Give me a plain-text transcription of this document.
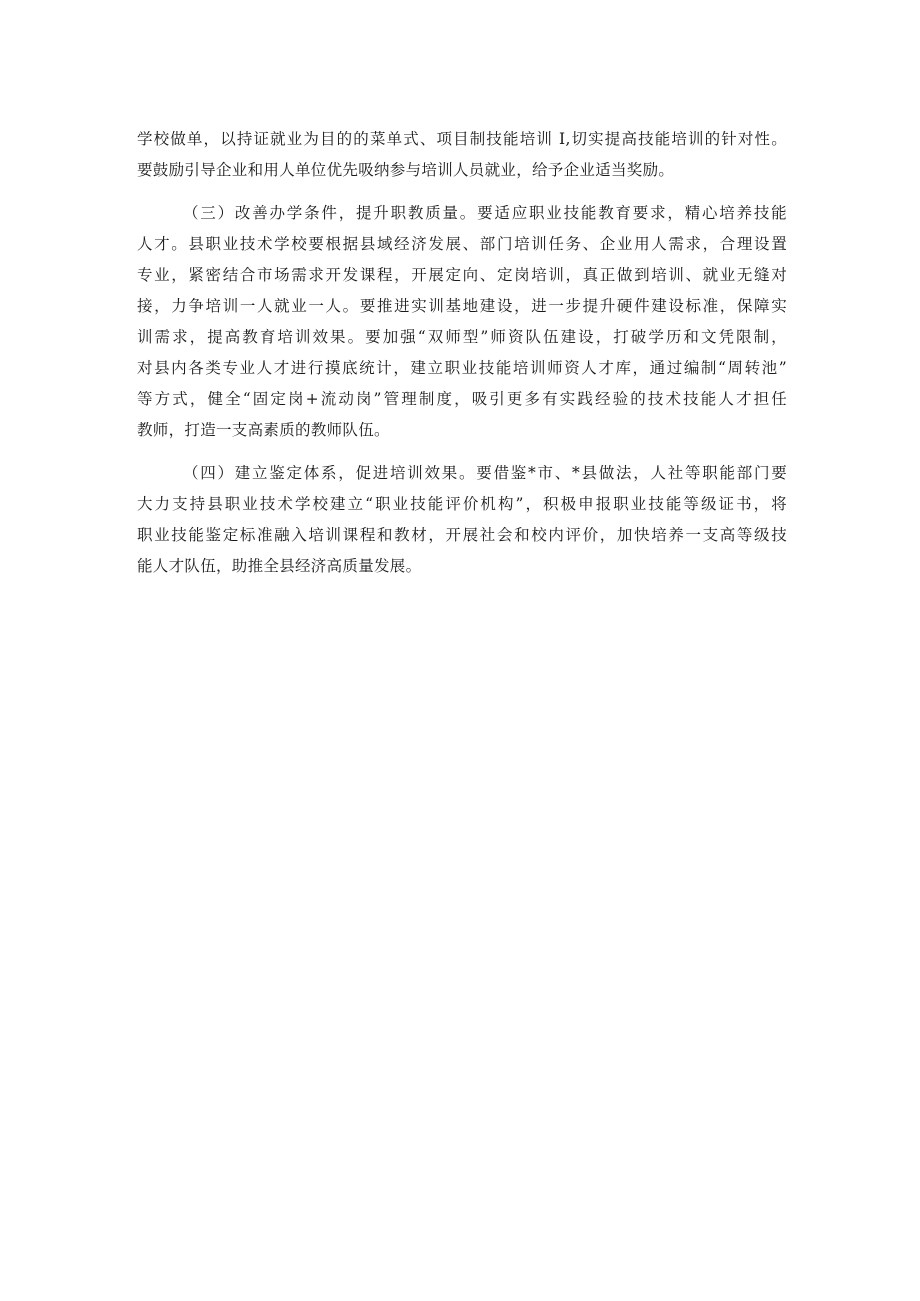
学校做单，以持证就业为目的的菜单式、项目制技能培训 I,切实提高技能培训的针对性。
要鼓励引导企业和用人单位优先吸纳参与培训人员就业，给予企业适当奖励。
（三）改善办学条件，提升职教质量。要适应职业技能教育要求，精心培养技能
人才。县职业技术学校要根据县域经济发展、部门培训任务、企业用人需求，合理设置
专业，紧密结合市场需求开发课程，开展定向、定岗培训，真正做到培训、就业无缝对
接，力争培训一人就业一人。要推进实训基地建设，进一步提升硬件建设标准，保障实
训需求，提高教育培训效果。要加强“双师型”师资队伍建设，打破学历和文凭限制，
对县内各类专业人才进行摸底统计，建立职业技能培训师资人才库，通过编制“周转池”
等方式，健全“固定岗+流动岗”管理制度，吸引更多有实践经验的技术技能人才担任
教师，打造一支高素质的教师队伍。
（四）建立鉴定体系，促进培训效果。要借鉴*市、*县做法，人社等职能部门要
大力支持县职业技术学校建立“职业技能评价机构”，积极申报职业技能等级证书，将
职业技能鉴定标准融入培训课程和教材，开展社会和校内评价，加快培养一支高等级技
能人才队伍，助推全县经济高质量发展。
